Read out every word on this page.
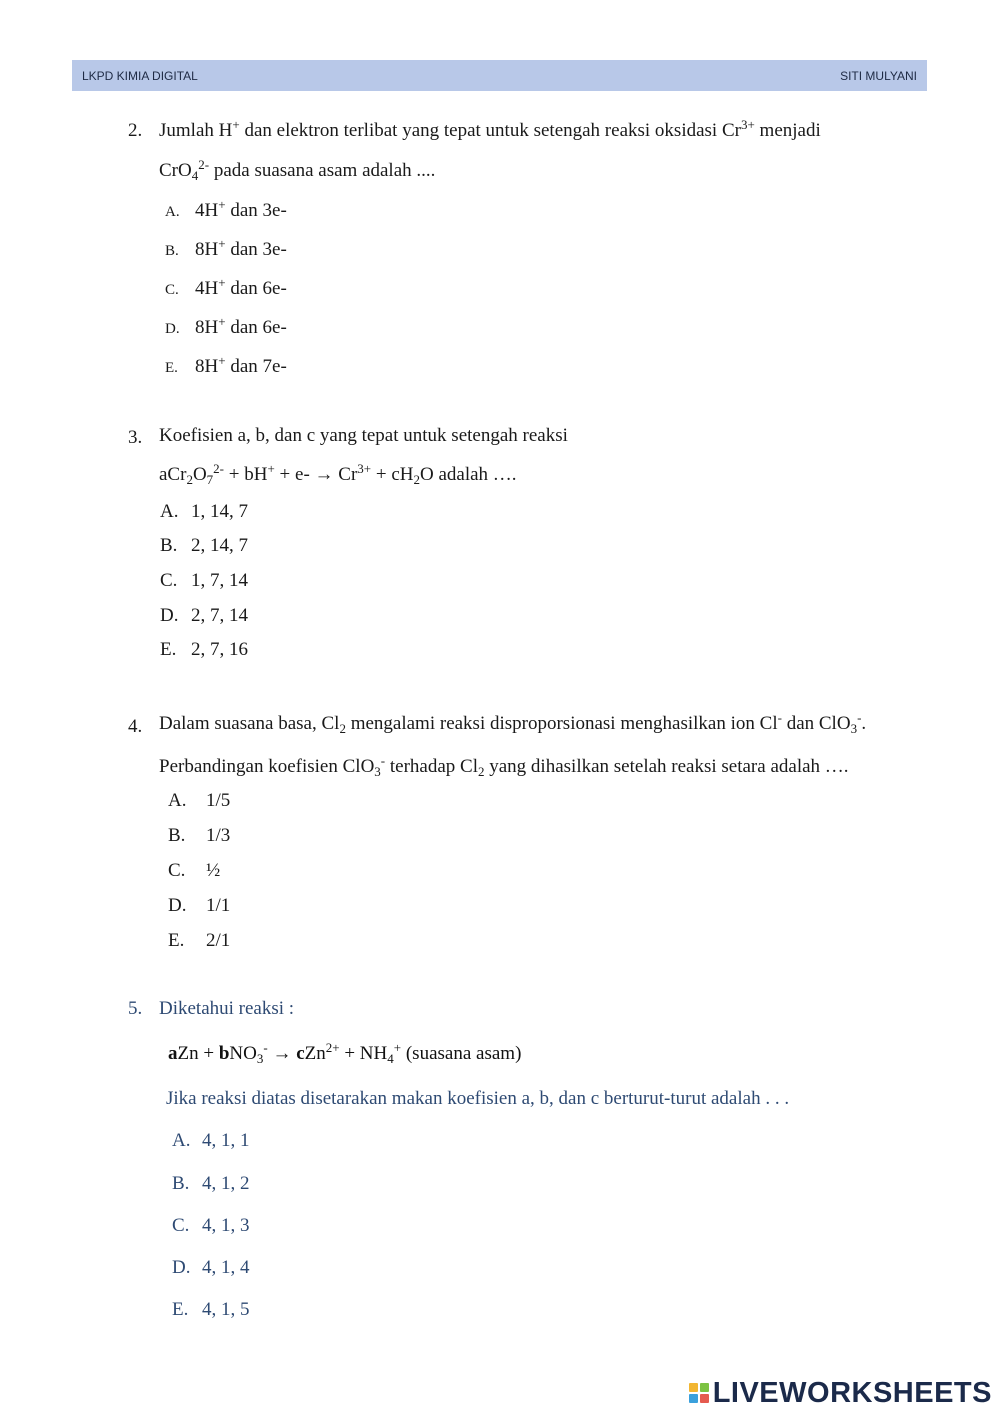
LKPD KIMIA DIGITAL	SITI MULYANI
2. Jumlah H+ dan elektron terlibat yang tepat untuk setengah reaksi oksidasi $Cr^{3+}$ menjadi
CrO$_4^{2-}$ pada suasana asam adalah ....
A. 4H+ dan 3e-
B. 8H+ dan 3e-
C. 4H+ dan 6e-
D. 8H+ dan 6e-
E. 8H+ dan 7e-
3. Koefisien a, b, dan c yang tepat untuk setengah reaksi
$aCr_2O_7^{2-} + bH^+ + e- \to Cr^{3+} + cH_2O$ adalah ….
A. 1, 14, 7
B. 2, 14, 7
C. 1, 7, 14
D. 2, 7, 14
E. 2, 7, 16
4. Dalam suasana basa, $Cl_2$ mengalami reaksi disproporsionasi menghasilkan ion Cl- dan ClO$_3$-.
Perbandingan koefisien ClO$_3$- terhadap $Cl_2$ yang dihasilkan setelah reaksi setara adalah ….
A. 1/5
B. 1/3
C. ½
D. 1/1
E. 2/1
5. Diketahui reaksi :
aZn + $bNO_3^- \to cZn^{2+} + NH_4^+$ (suasana asam)
Jika reaksi diatas disetarakan makan koefisien a, b, dan c berturut-turut adalah . . .
A. 4, 1, 1
B. 4, 1, 2
C. 4, 1, 3
D. 4, 1, 4
E. 4, 1, 5
LIVEWORKSHEETS
